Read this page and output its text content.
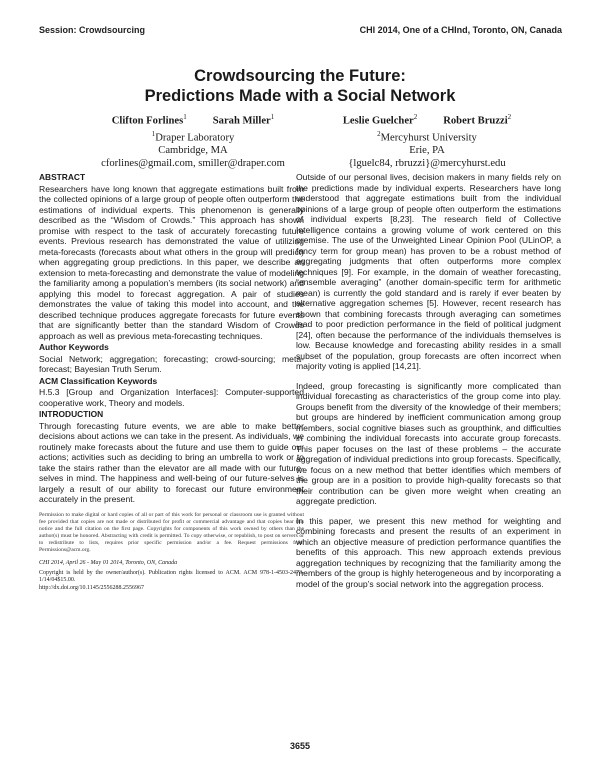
Session: Crowdsourcing	CHI 2014, One of a CHInd, Toronto, ON, Canada
Crowdsourcing the Future:
Predictions Made with a Social Network
Clifton Forlines$^1$ Sarah Miller$^1$
$^1$Draper Laboratory
Cambridge, MA
cforlines@gmail.com, smiller@draper.com
Leslie Guelcher$^2$ Robert Bruzzi$^2$
$^2$Mercyhurst University
Erie, PA
{lguelc84, rbruzzi}@mercyhurst.edu

ABSTRACT

Researchers have long known that aggregate estimations built from the collected opinions of a large group of people often outperform the estimations of individual experts. This phenomenon is generally described as the “Wisdom of Crowds.” This approach has shown promise with respect to the task of accurately forecasting future events. Previous research has demonstrated the value of utilizing meta-forecasts (forecasts about what others in the group will predict) when aggregating group predictions. In this paper, we describe an extension to meta-forecasting and demonstrate the value of modeling the familiarity among a population’s members (its social network) and applying this model to forecast aggregation. A pair of studies demonstrates the value of taking this model into account, and the described technique produces aggregate forecasts for future events that are significantly better than the standard Wisdom of Crowds approach as well as previous meta-forecasting techniques.

Author Keywords

Social Network; aggregation; forecasting; crowd-sourcing; meta-forecast; Bayesian Truth Serum.

ACM Classification Keywords

H.5.3 [Group and Organization Interfaces]: Computer-supported cooperative work, Theory and models.

INTRODUCTION

Through forecasting future events, we are able to make better decisions about actions we can take in the present. As individuals, we routinely make forecasts about the future and use them to guide our actions; activities such as deciding to bring an umbrella to work or to take the stairs rather than the elevator are all made with our future-selves in mind. The happiness and well-being of our future-selves is largely a result of our ability to forecast our future environment accurately in the present.

Permission to make digital or hard copies of all or part of this work for personal or classroom use is granted without fee provided that copies are not made or distributed for profit or commercial advantage and that copies bear this notice and the full citation on the first page. Copyrights for components of this work owned by others than the author(s) must be honored. Abstracting with credit is permitted. To copy otherwise, or republish, to post on servers or to redistribute to lists, requires prior specific permission and/or a fee. Request permissions from Permissions@acm.org.

CHI 2014, April 26 - May 01 2014, Toronto, ON, Canada

Copyright is held by the owner/author(s). Publication rights licensed to ACM. ACM 978-1-4503-2473-1/14/04$15.00.
http://dx.doi.org/10.1145/2556288.2556967

Outside of our personal lives, decision makers in many fields rely on the predictions made by individual experts. Researchers have long understood that aggregate estimations built from the individual opinions of a large group of people often outperform the estimations of individual experts [8,23]. The research field of Collective Intelligence contains a growing volume of work centered on this premise. The use of the Unweighted Linear Opinion Pool (ULinOP, a fancy term for group mean) has proven to be a robust method of aggregating judgments that often outperforms more complex techniques [9]. For example, in the domain of weather forecasting, “ensemble averaging” (another domain-specific term for arithmetic mean) is currently the gold standard and is rarely if ever beaten by alternative aggregation schemes [5]. However, recent research has shown that combining forecasts through averaging can sometimes lead to poor prediction performance in the field of political judgment [24], often because the performance of the individuals themselves is low. Because knowledge and forecasting ability resides in a small subset of the population, group forecasts are often incorrect when majority voting is applied [14,21].

Indeed, group forecasting is significantly more complicated than individual forecasting as characteristics of the group come into play. Groups benefit from the diversity of the knowledge of their members; but groups are hindered by inefficient communication among group members, social cognitive biases such as groupthink, and difficulties in combining the individual forecasts into accurate group forecasts. This paper focuses on the last of these problems – the accurate aggregation of individual predictions into group forecasts. Specifically, we focus on a new method that better identifies which members of the group are in a position to provide high-quality forecasts so that their contribution can be given more weight when creating an aggregate prediction.

In this paper, we present this new method for weighting and combining forecasts and present the results of an experiment in which an objective measure of prediction performance quantifies the benefits of this approach. This new approach extends previous aggregation techniques by recognizing that the familiarity among the members of the group is highly heterogeneous and by incorporating a model of the group’s social network into the aggregation process.

3655
